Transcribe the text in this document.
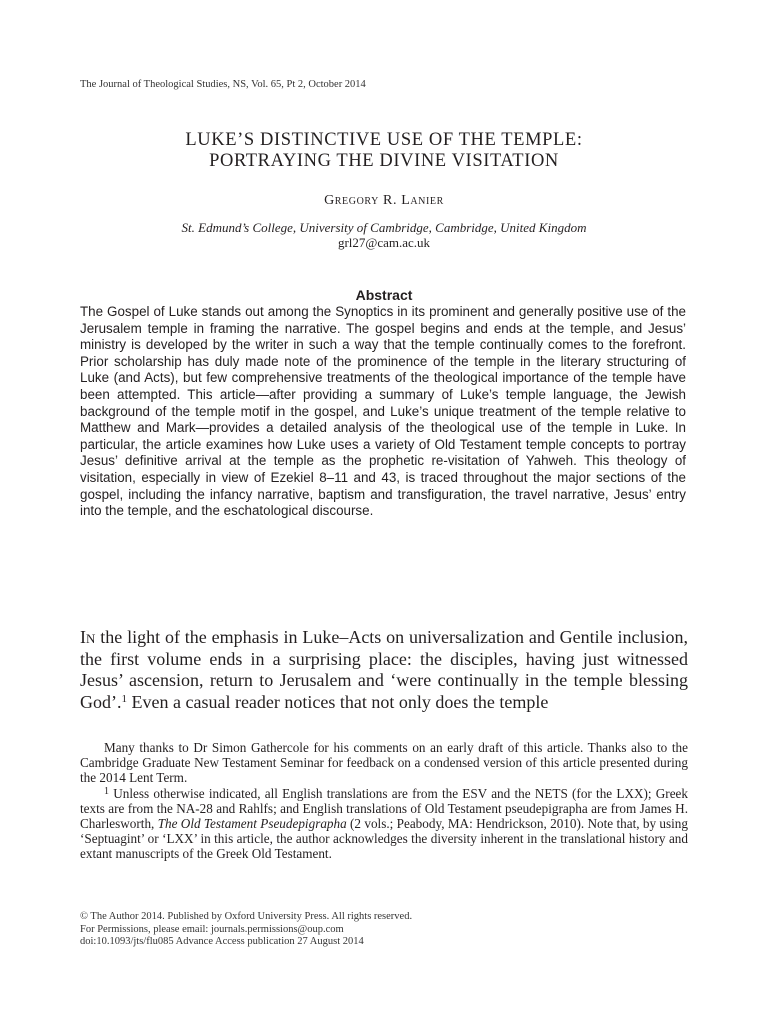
The Journal of Theological Studies, NS, Vol. 65, Pt 2, October 2014
LUKE’S DISTINCTIVE USE OF THE TEMPLE:
PORTRAYING THE DIVINE VISITATION
Gregory R. Lanier
St. Edmund’s College, University of Cambridge, Cambridge, United Kingdom
grl27@cam.ac.uk
Abstract

The Gospel of Luke stands out among the Synoptics in its prominent and generally positive use of the Jerusalem temple in framing the narrative. The gospel begins and ends at the temple, and Jesus’ ministry is developed by the writer in such a way that the temple continually comes to the forefront. Prior scholarship has duly made note of the prominence of the temple in the literary structuring of Luke (and Acts), but few comprehensive treatments of the theological importance of the temple have been attempted. This article—after providing a summary of Luke’s temple language, the Jewish background of the temple motif in the gospel, and Luke’s unique treatment of the temple relative to Matthew and Mark—provides a detailed analysis of the theological use of the temple in Luke. In particular, the article examines how Luke uses a variety of Old Testament temple concepts to portray Jesus’ definitive arrival at the temple as the prophetic re-visitation of Yahweh. This theology of visitation, especially in view of Ezekiel 8–11 and 43, is traced throughout the major sections of the gospel, including the infancy narrative, baptism and transfiguration, the travel narrative, Jesus’ entry into the temple, and the eschatological discourse.

In the light of the emphasis in Luke–Acts on universalization and Gentile inclusion, the first volume ends in a surprising place: the disciples, having just witnessed Jesus’ ascension, return to Jerusalem and ‘were continually in the temple blessing God’.$^1$ Even a casual reader notices that not only does the temple

Many thanks to Dr Simon Gathercole for his comments on an early draft of this article. Thanks also to the Cambridge Graduate New Testament Seminar for feedback on a condensed version of this article presented during the 2014 Lent Term.

$^1$ Unless otherwise indicated, all English translations are from the ESV and the NETS (for the LXX); Greek texts are from the NA-28 and Rahlfs; and English translations of Old Testament pseudepigrapha are from James H. Charlesworth, The Old Testament Pseudepigrapha (2 vols.; Peabody, MA: Hendrickson, 2010). Note that, by using ‘Septuagint’ or ‘LXX’ in this article, the author acknowledges the diversity inherent in the translational history and extant manuscripts of the Greek Old Testament.

© The Author 2014. Published by Oxford University Press. All rights reserved.
For Permissions, please email: journals.permissions@oup.com
doi:10.1093/jts/flu085 Advance Access publication 27 August 2014
